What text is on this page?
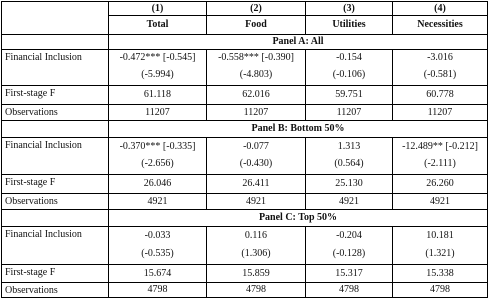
	(1)	(2)	(3)	(4)
	Total	Food	Utilities	Necessities
	Panel A: All			
Financial Inclusion	-0.472*** [-0.545]	-0.558*** [-0.390]	-0.154	-3.016
	(-5.994)	(-4.803)	(-0.106)	(-0.581)
First-stage F	61.118	62.016	59.751	60.778
Observations	11207	11207	11207	11207
	Panel B: Bottom 50%			
Financial Inclusion	-0.370*** [-0.335]	-0.077	1.313	-12.489** [-0.212]
	(-2.656)	(-0.430)	(0.564)	(-2.111)
First-stage F	26.046	26.411	25.130	26.260
Observations	4921	4921	4921	4921
	Panel C: Top 50%			
Financial Inclusion	-0.033	0.116	-0.204	10.181
	(-0.535)	(1.306)	(-0.128)	(1.321)
First-stage F	15.674	15.859	15.317	15.338
Observations	4798	4798	4798	4798
